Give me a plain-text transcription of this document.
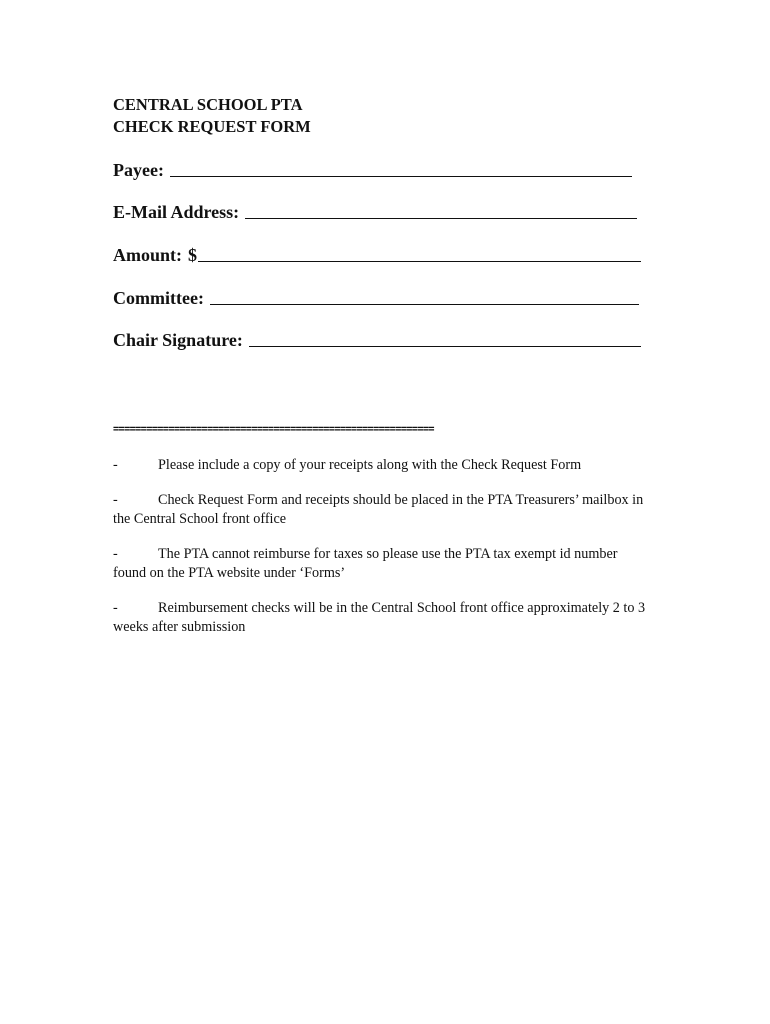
CENTRAL SCHOOL PTA
CHECK REQUEST FORM
Payee:
E-Mail Address:
Amount: $
Committee:
Chair Signature:
==========================================================
-	Please include a copy of your receipts along with the Check Request Form
-	Check Request Form and receipts should be placed in the PTA Treasurers’ mailbox in the Central School front office
-	The PTA cannot reimburse for taxes so please use the PTA tax exempt id number found on the PTA website under ‘Forms’
-	Reimbursement checks will be in the Central School front office approximately 2 to 3 weeks after submission
